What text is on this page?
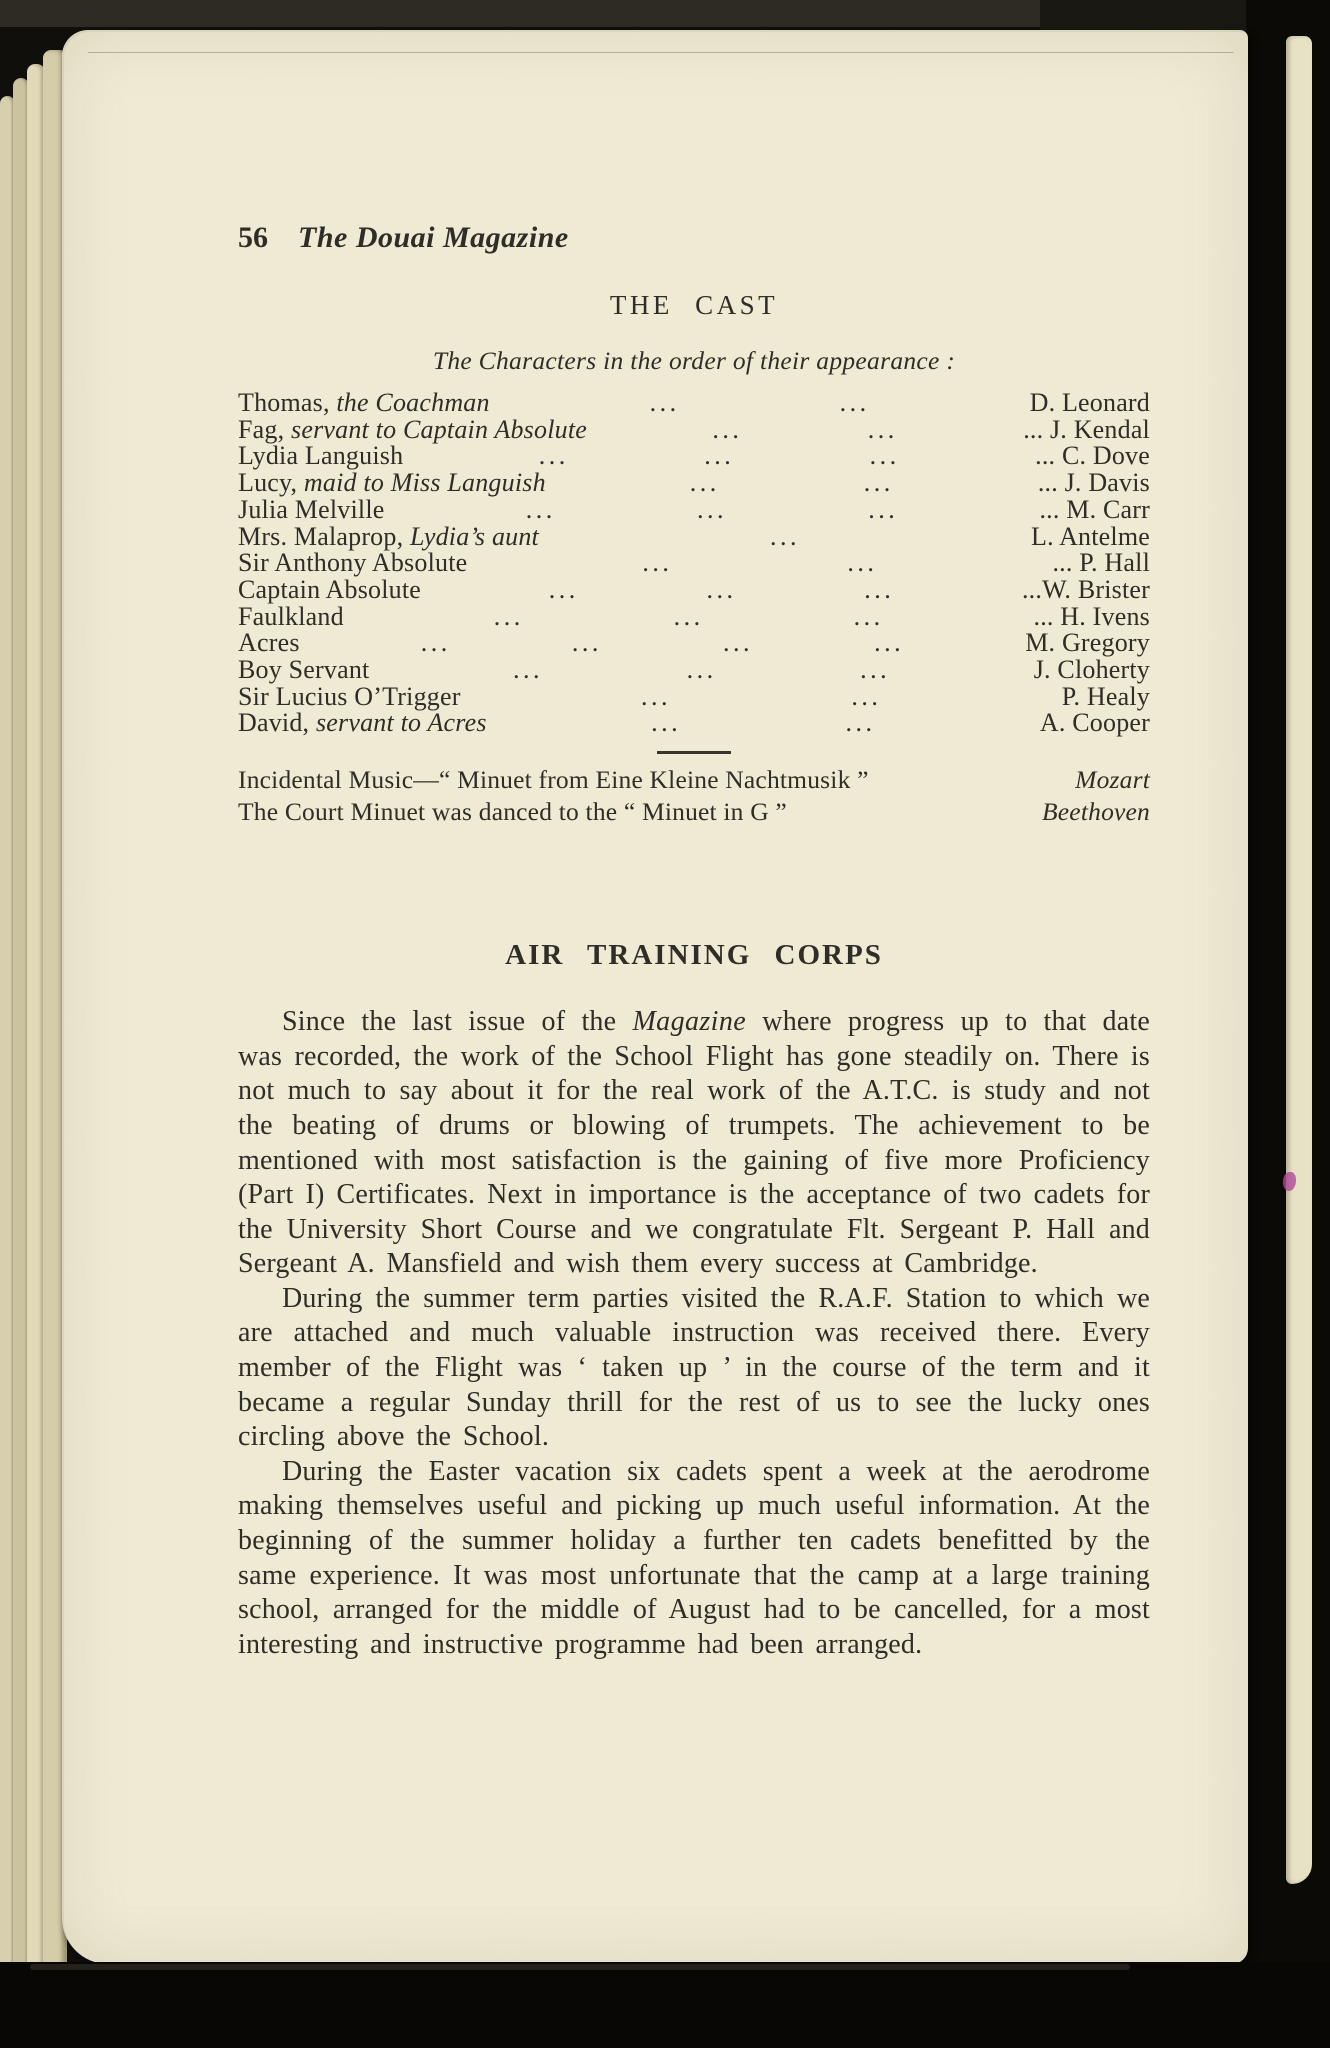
56 The Douai Magazine
THE CAST
The Characters in the order of their appearance :
Thomas, the Coachman	...	...	D. Leonard
Fag, servant to Captain Absolute	...	...	... J. Kendal
Lydia Languish	...	...	...	... C. Dove
Lucy, maid to Miss Languish	...	...	... J. Davis
Julia Melville	...	...	...	... M. Carr
Mrs. Malaprop, Lydia’s aunt	...	L. Antelme
Sir Anthony Absolute	...	...	... P. Hall
Captain Absolute	...	...	...	...W. Brister
Faulkland	...	...	...	... H. Ivens
Acres	...	...	...	...	M. Gregory
Boy Servant	...	...	...	J. Cloherty
Sir Lucius O’Trigger	...	...	P. Healy
David, servant to Acres	...	...	A. Cooper
Incidental Music—“ Minuet from Eine Kleine Nachtmusik ”	Mozart
The Court Minuet was danced to the “ Minuet in G ”	Beethoven
AIR TRAINING CORPS

Since the last issue of the Magazine where progress up to that date was recorded, the work of the School Flight has gone steadily on. There is not much to say about it for the real work of the A.T.C. is study and not the beating of drums or blowing of trumpets. The achievement to be mentioned with most satisfaction is the gaining of five more Proficiency (Part I) Certificates. Next in importance is the acceptance of two cadets for the University Short Course and we congratulate Flt. Sergeant P. Hall and Sergeant A. Mansfield and wish them every success at Cambridge.

During the summer term parties visited the R.A.F. Station to which we are attached and much valuable instruction was received there. Every member of the Flight was ‘ taken up ’ in the course of the term and it became a regular Sunday thrill for the rest of us to see the lucky ones circling above the School.

During the Easter vacation six cadets spent a week at the aerodrome making themselves useful and picking up much useful information. At the beginning of the summer holiday a further ten cadets benefitted by the same experience. It was most unfortunate that the camp at a large training school, arranged for the middle of August had to be cancelled, for a most interesting and instructive programme had been arranged.
